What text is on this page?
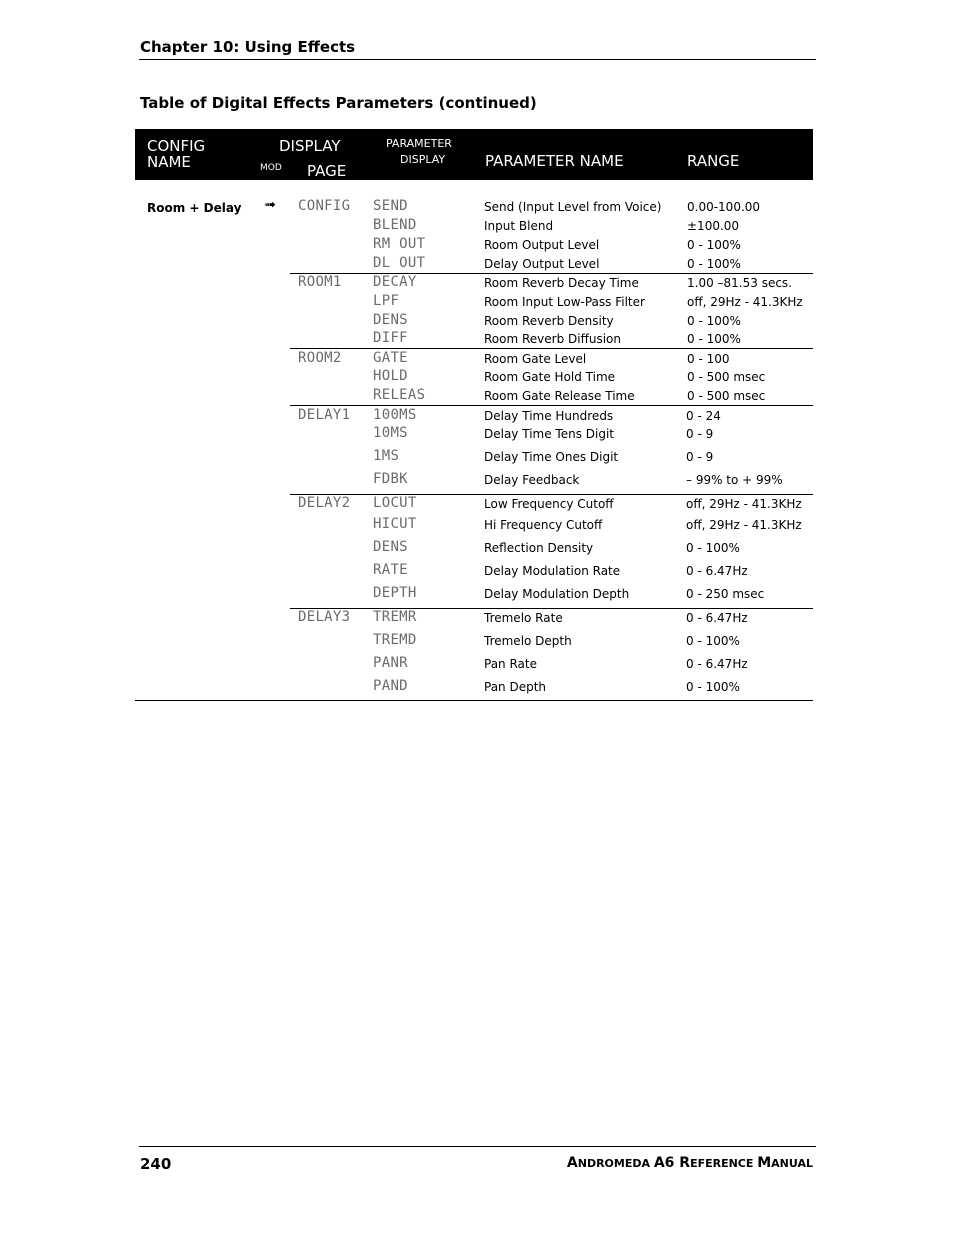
Chapter 10: Using Effects
Table of Digital Effects Parameters (continued)
CONFIG
NAME
DISPLAY
MOD PAGE
PARAMETER
DISPLAY	PARAMETER NAME	RANGE
Room + Delay ➟ CONFIG SEND	Send (Input Level from Voice) 0.00-100.00
BLEND	Input Blend	±100.00
RM OUT	Room Output Level	0 - 100%
DL OUT	Delay Output Level	0 - 100%
ROOM1 DECAY	Room Reverb Decay Time	1.00 –81.53 secs.
LPF	Room Input Low-Pass Filter	off, 29Hz - 41.3KHz
DENS	Room Reverb Density	0 - 100%
DIFF	Room Reverb Diffusion	0 - 100%
ROOM2 GATE	Room Gate Level	0 - 100
HOLD	Room Gate Hold Time	0 - 500 msec
RELEAS	Room Gate Release Time	0 - 500 msec
DELAY1 100MS	Delay Time Hundreds	0 - 24
10MS	Delay Time Tens Digit	0 - 9
1MS	Delay Time Ones Digit	0 - 9
FDBK	Delay Feedback	– 99% to + 99%
DELAY2 LOCUT	Low Frequency Cutoff	off, 29Hz - 41.3KHz
HICUT	Hi Frequency Cutoff	off, 29Hz - 41.3KHz
DENS	Reflection Density	0 - 100%
RATE	Delay Modulation Rate	0 - 6.47Hz
DEPTH	Delay Modulation Depth	0 - 250 msec
DELAY3 TREMR	Tremelo Rate	0 - 6.47Hz
TREMD	Tremelo Depth	0 - 100%
PANR	Pan Rate	0 - 6.47Hz
PAND	Pan Depth	0 - 100%
240	ANDROMEDA A6 REFERENCE MANUAL
